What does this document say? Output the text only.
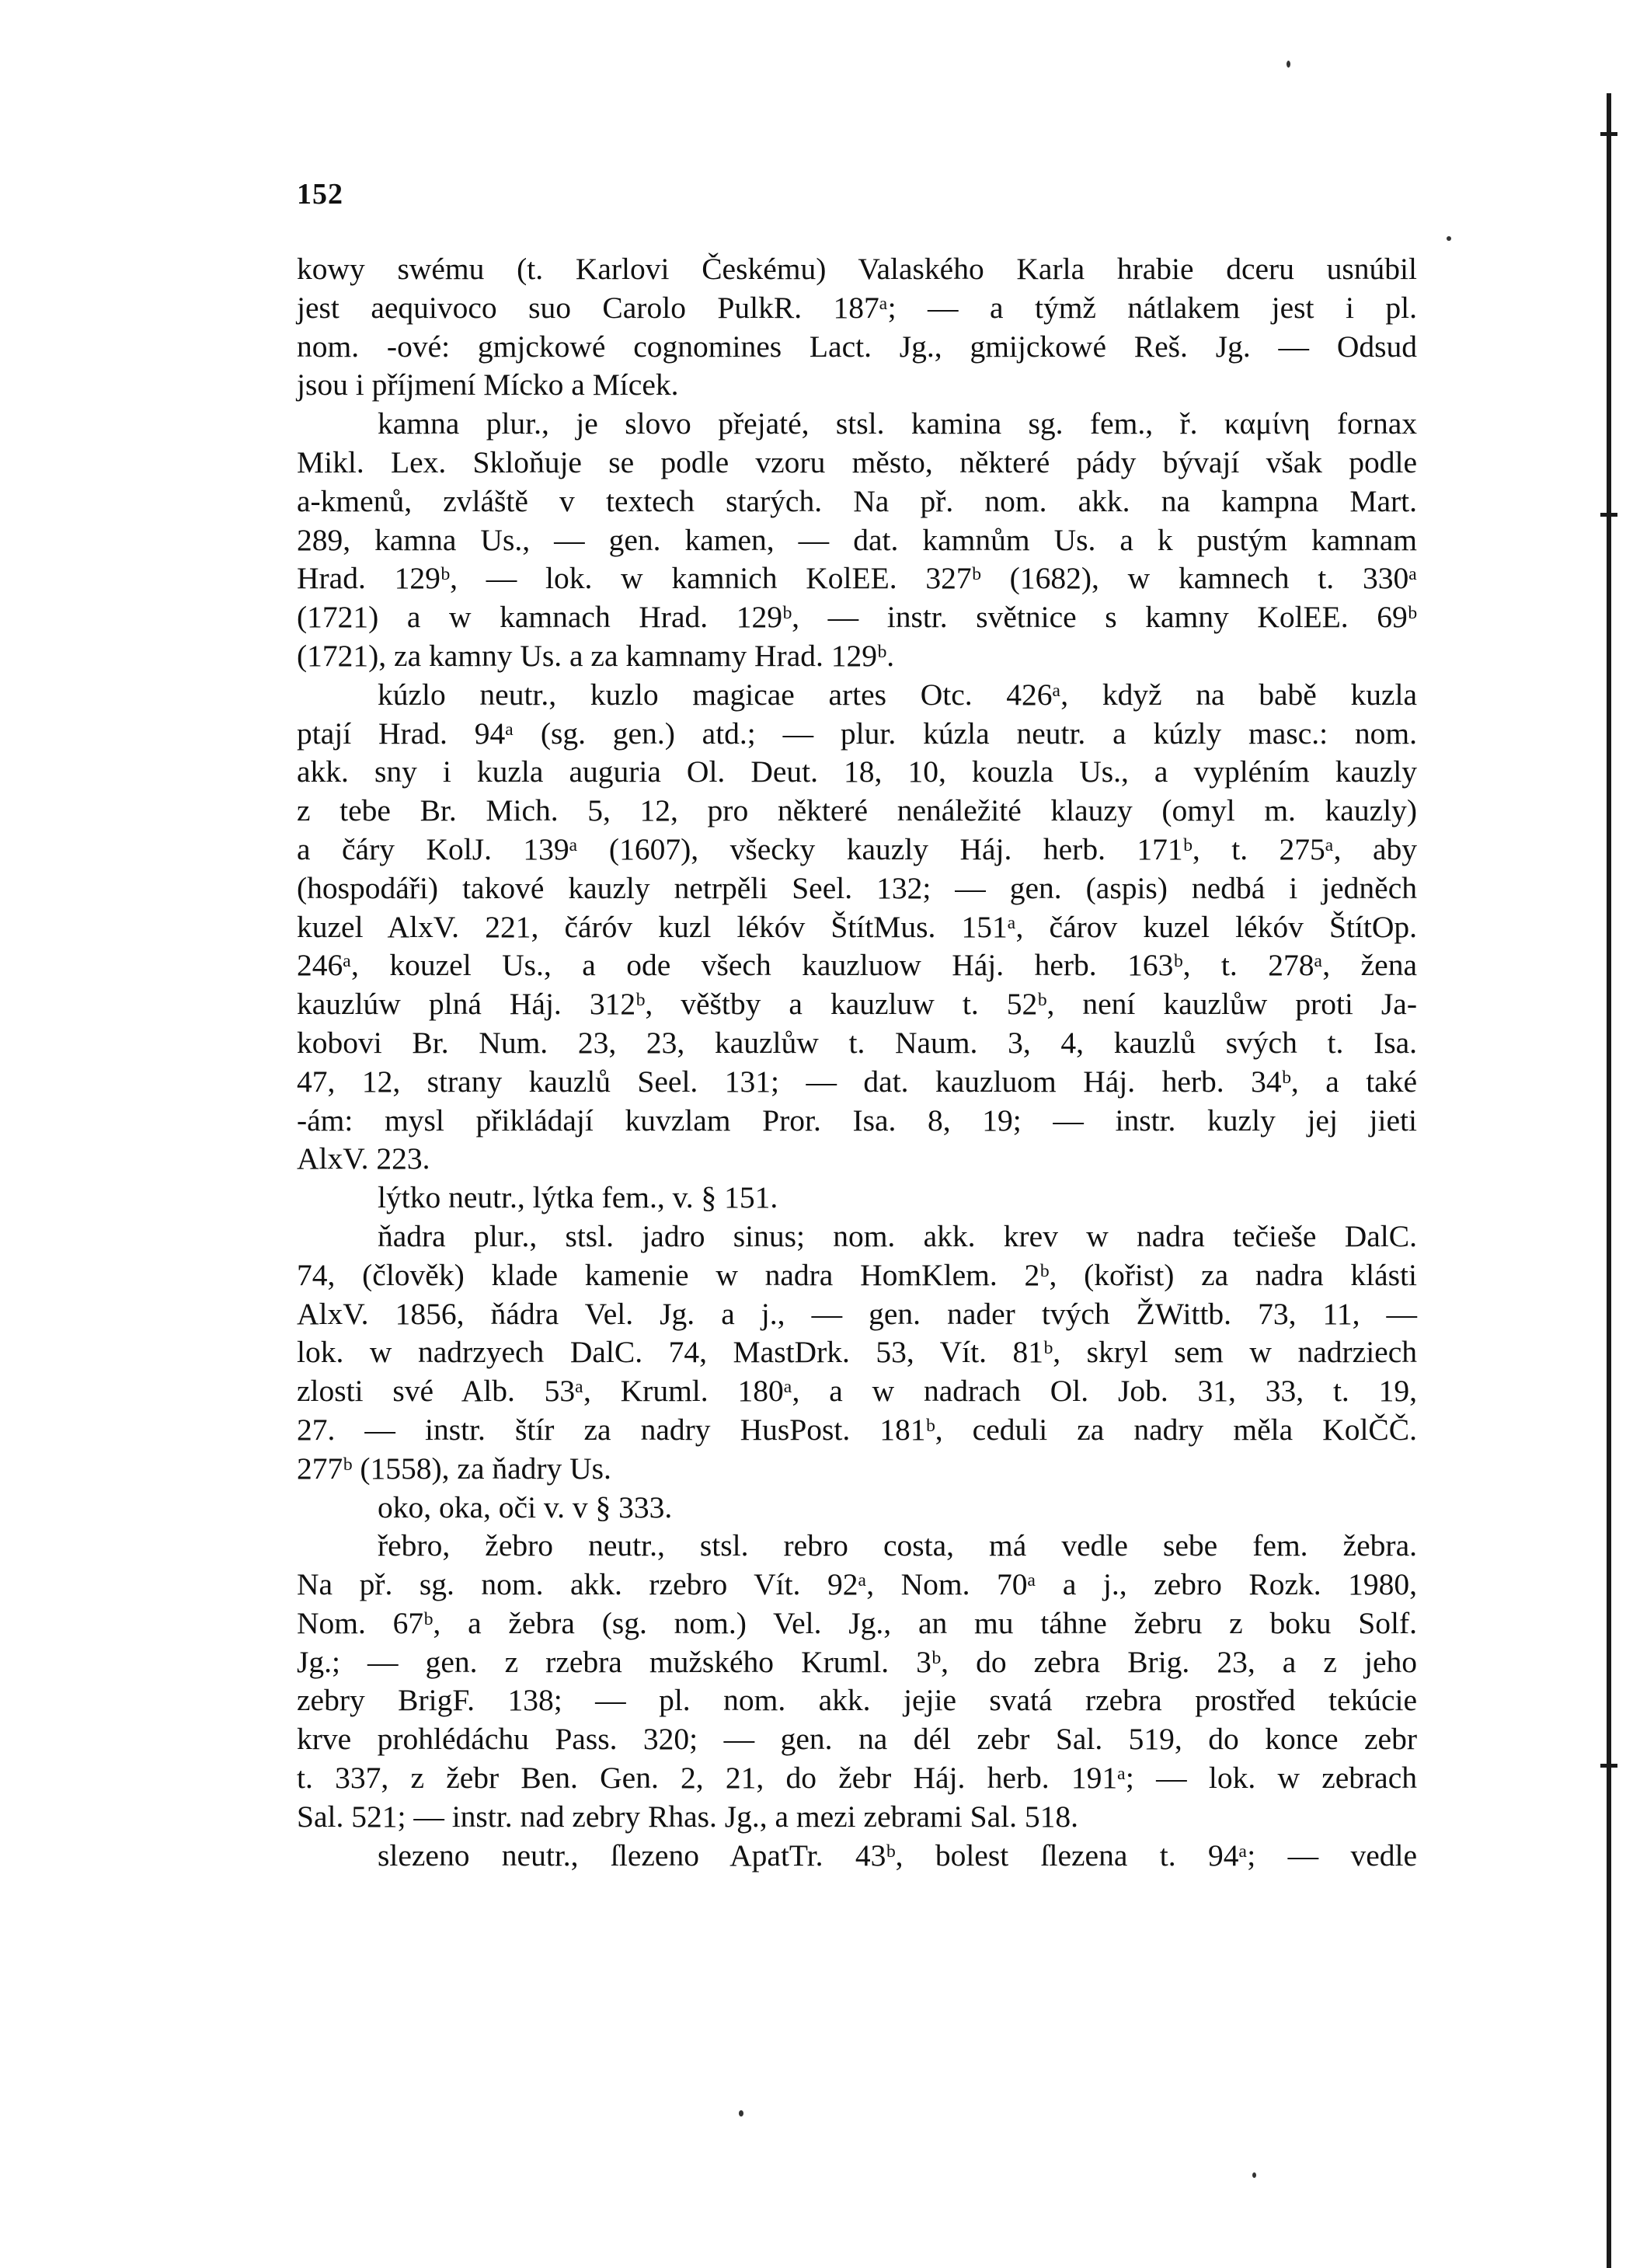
152
kowy swému (t. Karlovi Českému) Valaského Karla hrabie dceru usnúbil
jest aequivoco suo Carolo PulkR. 187ᵃ; — a týmž nátlakem jest i pl.
nom. -ové: gmjckowé cognomines Lact. Jg., gmijckowé Reš. Jg. — Odsud
jsou i příjmení Mícko a Mícek.
kamna plur., je slovo přejaté, stsl. kamina sg. fem., ř. καμίνη fornax
Mikl. Lex. Skloňuje se podle vzoru město, některé pády bývají však podle
a-kmenů, zvláště v textech starých. Na př. nom. akk. na kampna Mart.
289, kamna Us., — gen. kamen, — dat. kamnům Us. a k pustým kamnam
Hrad. 129ᵇ, — lok. w kamnich KolEE. 327ᵇ (1682), w kamnech t. 330ᵃ
(1721) a w kamnach Hrad. 129ᵇ, — instr. světnice s kamny KolEE. 69ᵇ
(1721), za kamny Us. a za kamnamy Hrad. 129ᵇ.
kúzlo neutr., kuzlo magicae artes Otc. 426ᵃ, když na babě kuzla
ptají Hrad. 94ᵃ (sg. gen.) atd.; — plur. kúzla neutr. a kúzly masc.: nom.
akk. sny i kuzla auguria Ol. Deut. 18, 10, kouzla Us., a vypléním kauzly
z tebe Br. Mich. 5, 12, pro některé nenáležité klauzy (omyl m. kauzly)
a čáry KolJ. 139ᵃ (1607), všecky kauzly Háj. herb. 171ᵇ, t. 275ᵃ, aby
(hospodáři) takové kauzly netrpěli Seel. 132; — gen. (aspis) nedbá i jedněch
kuzel AlxV. 221, čáróv kuzl lékóv ŠtítMus. 151ᵃ, čárov kuzel lékóv ŠtítOp.
246ᵃ, kouzel Us., a ode všech kauzluow Háj. herb. 163ᵇ, t. 278ᵃ, žena
kauzlúw plná Háj. 312ᵇ, věštby a kauzluw t. 52ᵇ, není kauzlůw proti Ja-
kobovi Br. Num. 23, 23, kauzlůw t. Naum. 3, 4, kauzlů svých t. Isa.
47, 12, strany kauzlů Seel. 131; — dat. kauzluom Háj. herb. 34ᵇ, a také
-ám: mysl přikládají kuvzlam Pror. Isa. 8, 19; — instr. kuzly jej jieti
AlxV. 223.
lýtko neutr., lýtka fem., v. § 151.
ňadra plur., stsl. jadro sinus; nom. akk. krev w nadra tečieše DalC.
74, (člověk) klade kamenie w nadra HomKlem. 2ᵇ, (kořist) za nadra klásti
AlxV. 1856, ňádra Vel. Jg. a j., — gen. nader tvých ŽWittb. 73, 11, —
lok. w nadrzyech DalC. 74, MastDrk. 53, Vít. 81ᵇ, skryl sem w nadrziech
zlosti své Alb. 53ᵃ, Kruml. 180ᵃ, a w nadrach Ol. Job. 31, 33, t. 19,
27. — instr. štír za nadry HusPost. 181ᵇ, ceduli za nadry měla KolČČ.
277ᵇ (1558), za ňadry Us.
oko, oka, oči v. v § 333.
řebro, žebro neutr., stsl. rebro costa, má vedle sebe fem. žebra.
Na př. sg. nom. akk. rzebro Vít. 92ᵃ, Nom. 70ᵃ a j., zebro Rozk. 1980,
Nom. 67ᵇ, a žebra (sg. nom.) Vel. Jg., an mu táhne žebru z boku Solf.
Jg.; — gen. z rzebra mužského Kruml. 3ᵇ, do zebra Brig. 23, a z jeho
zebry BrigF. 138; — pl. nom. akk. jejie svatá rzebra prostřed tekúcie
krve prohlédáchu Pass. 320; — gen. na dél zebr Sal. 519, do konce zebr
t. 337, z žebr Ben. Gen. 2, 21, do žebr Háj. herb. 191ᵃ; — lok. w zebrach
Sal. 521; — instr. nad zebry Rhas. Jg., a mezi zebrami Sal. 518.
slezeno neutr., ſlezeno ApatTr. 43ᵇ, bolest ſlezena t. 94ᵃ; — vedle
